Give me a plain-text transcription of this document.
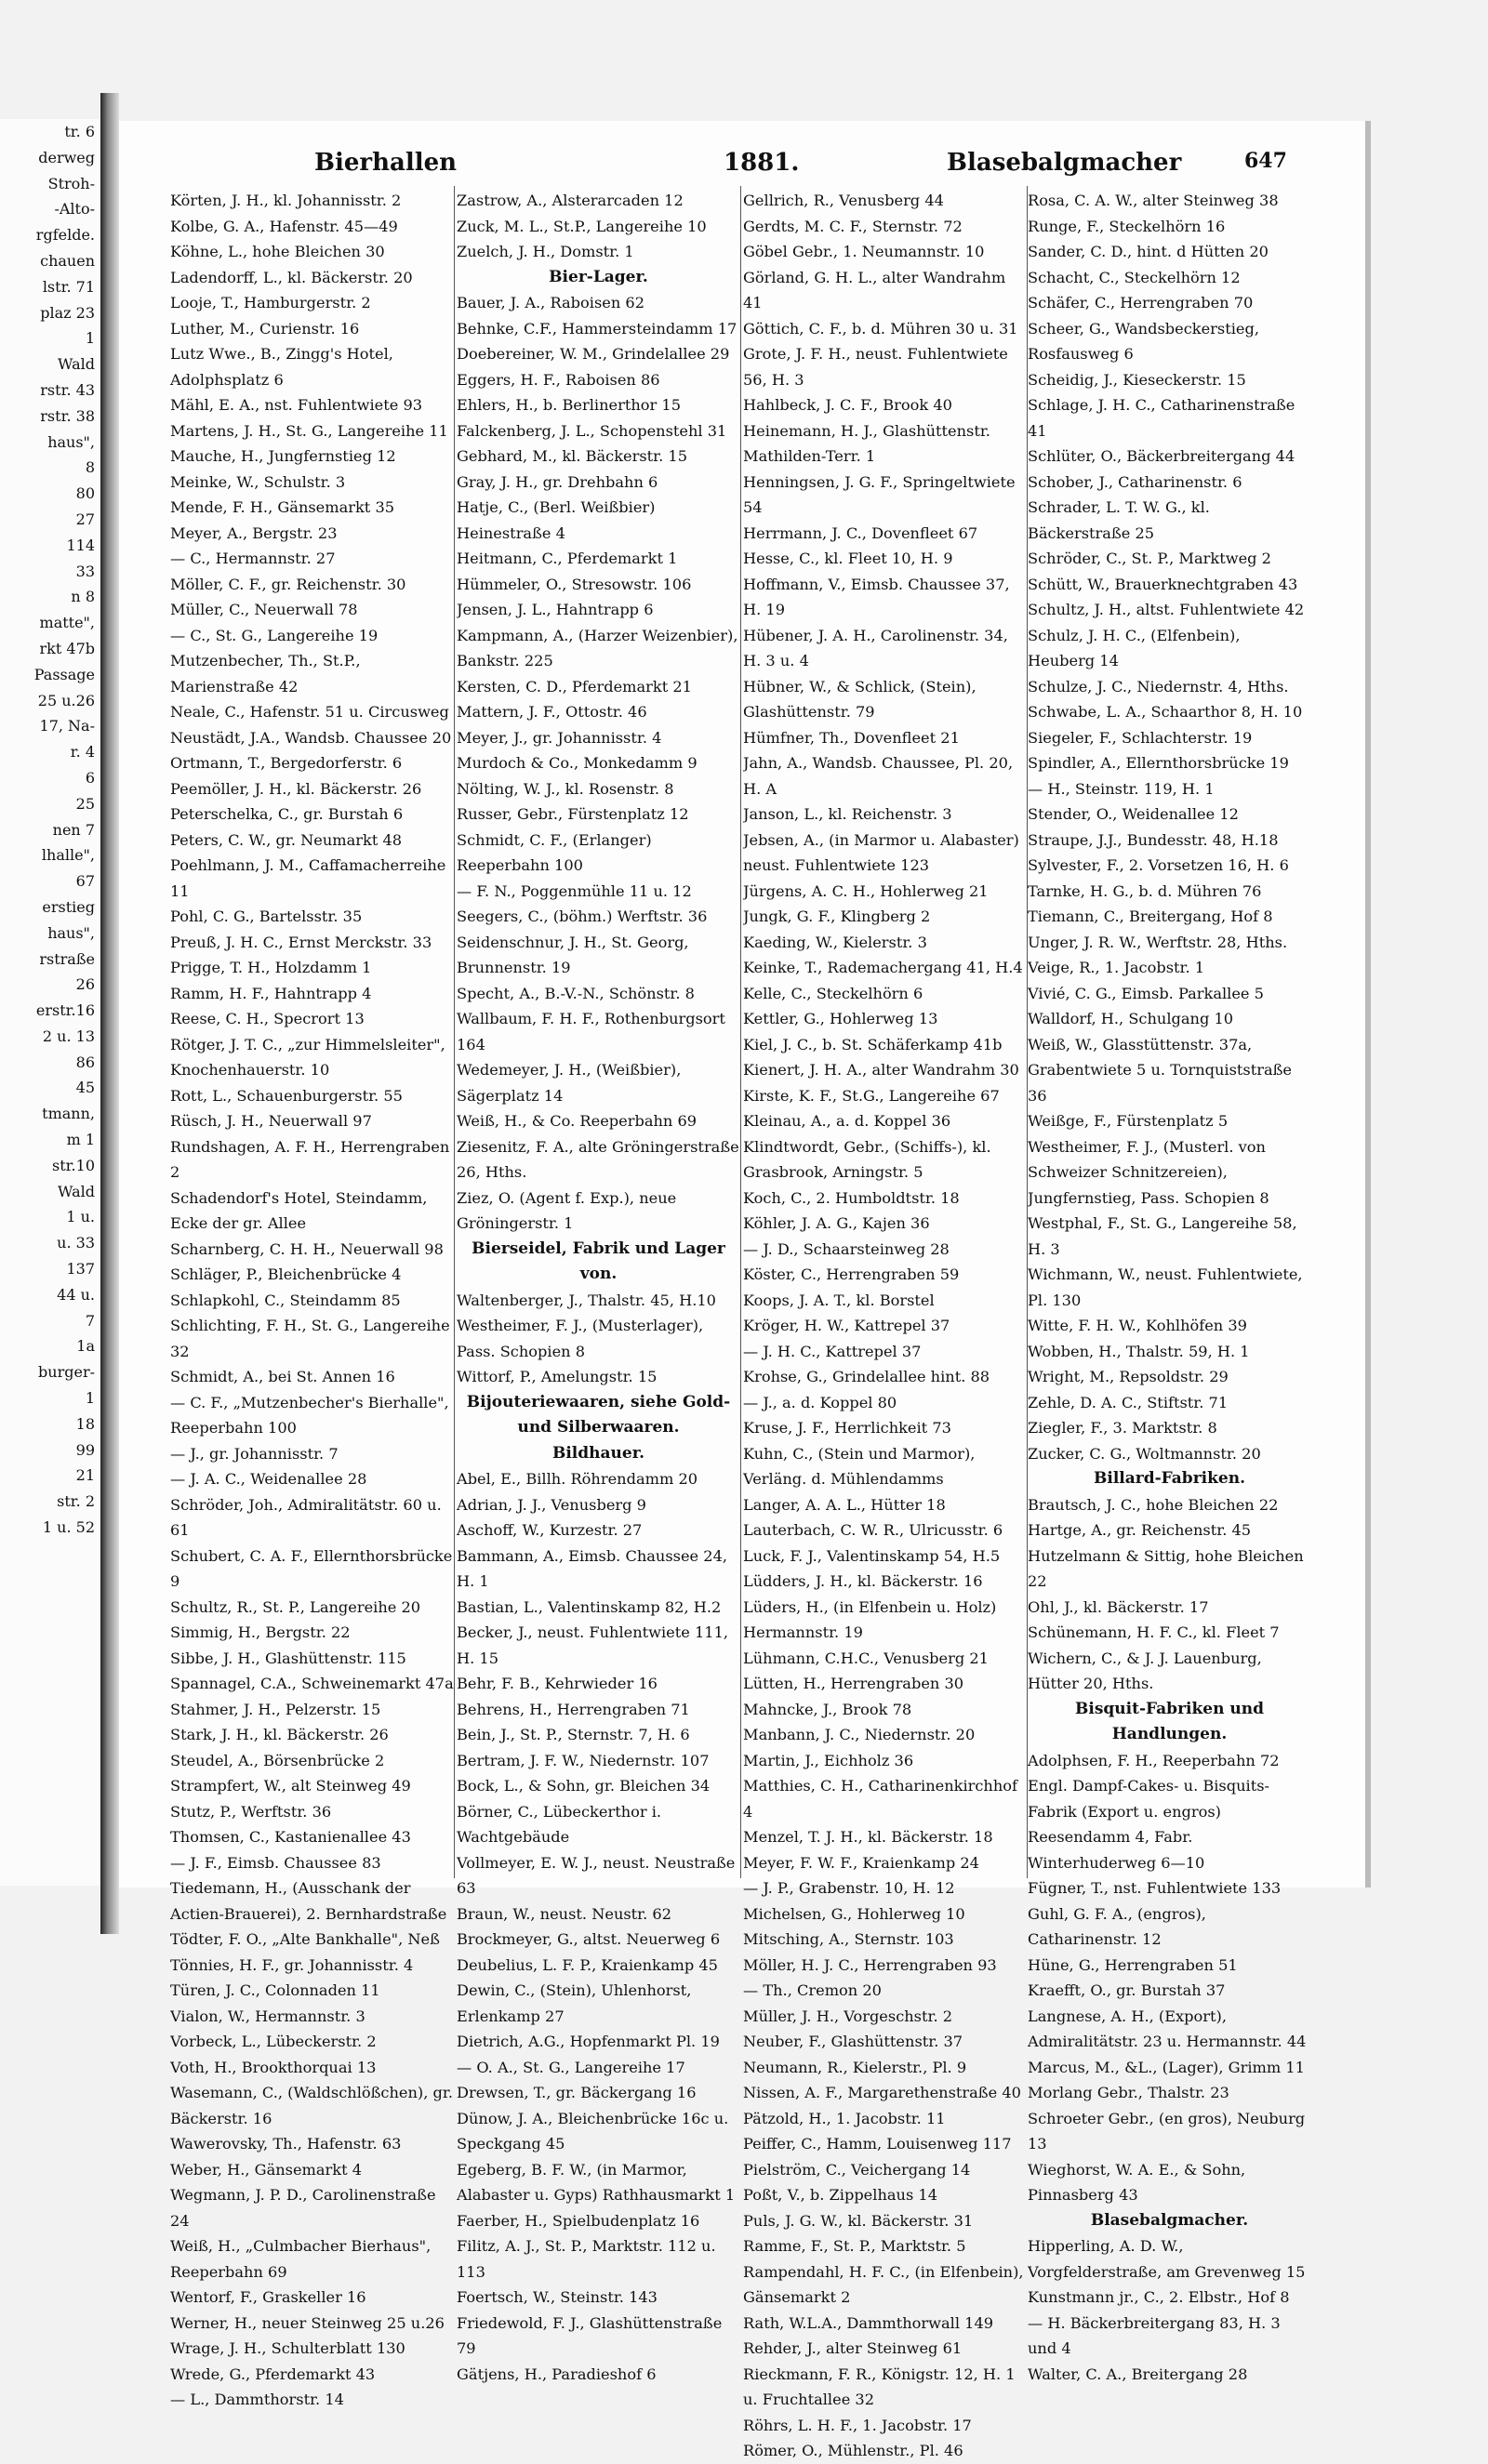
tr. 6
derweg
Stroh-
-Alto-
rgfelde.
chauen
lstr. 71
plaz 23
1
Wald
rstr. 43
rstr. 38
haus",
8
80
27
114
33
n 8
matte",
rkt 47b
Passage
25 u.26
17, Na-
r. 4
6
25
nen 7
lhalle",
67
erstieg
haus",
rstraße
26
erstr.16
2 u. 13
86
45
tmann,
m 1
str.10
Wald
1 u.
u. 33
137
44 u.
7
1a
burger-
1
18
99
21
str. 2
1 u. 52
Bierhallen	1881.	Blasebalgmacher	647
Körten, J. H., kl. Johannisstr. 2
Kolbe, G. A., Hafenstr. 45—49
Köhne, L., hohe Bleichen 30
Ladendorff, L., kl. Bäckerstr. 20
Looje, T., Hamburgerstr. 2
Luther, M., Curienstr. 16
Lutz Wwe., B., Zingg's Hotel, Adolphsplatz 6
Mähl, E. A., nst. Fuhlentwiete 93
Martens, J. H., St. G., Langereihe 11
Mauche, H., Jungfernstieg 12
Meinke, W., Schulstr. 3
Mende, F. H., Gänsemarkt 35
Meyer, A., Bergstr. 23
— C., Hermannstr. 27
Möller, C. F., gr. Reichenstr. 30
Müller, C., Neuerwall 78
— C., St. G., Langereihe 19
Mutzenbecher, Th., St.P., Marienstraße 42
Neale, C., Hafenstr. 51 u. Circusweg
Neustädt, J.A., Wandsb. Chaussee 20
Ortmann, T., Bergedorferstr. 6
Peemöller, J. H., kl. Bäckerstr. 26
Peterschelka, C., gr. Burstah 6
Peters, C. W., gr. Neumarkt 48
Poehlmann, J. M., Caffamacherreihe 11
Pohl, C. G., Bartelsstr. 35
Preuß, J. H. C., Ernst Merckstr. 33
Prigge, T. H., Holzdamm 1
Ramm, H. F., Hahntrapp 4
Reese, C. H., Specrort 13
Rötger, J. T. C., „zur Himmelsleiter", Knochenhauerstr. 10
Rott, L., Schauenburgerstr. 55
Rüsch, J. H., Neuerwall 97
Rundshagen, A. F. H., Herrengraben 2
Schadendorf's Hotel, Steindamm, Ecke der gr. Allee
Scharnberg, C. H. H., Neuerwall 98
Schläger, P., Bleichenbrücke 4
Schlapkohl, C., Steindamm 85
Schlichting, F. H., St. G., Langereihe 32
Schmidt, A., bei St. Annen 16
— C. F., „Mutzenbecher's Bierhalle", Reeperbahn 100
— J., gr. Johannisstr. 7
— J. A. C., Weidenallee 28
Schröder, Joh., Admiralitätstr. 60 u. 61
Schubert, C. A. F., Ellernthorsbrücke 9
Schultz, R., St. P., Langereihe 20
Simmig, H., Bergstr. 22
Sibbe, J. H., Glashüttenstr. 115
Spannagel, C.A., Schweinemarkt 47a
Stahmer, J. H., Pelzerstr. 15
Stark, J. H., kl. Bäckerstr. 26
Steudel, A., Börsenbrücke 2
Strampfert, W., alt Steinweg 49
Stutz, P., Werftstr. 36
Thomsen, C., Kastanienallee 43
— J. F., Eimsb. Chaussee 83
Tiedemann, H., (Ausschank der Actien-Brauerei), 2. Bernhardstraße
Tödter, F. O., „Alte Bankhalle", Neß
Tönnies, H. F., gr. Johannisstr. 4
Türen, J. C., Colonnaden 11
Vialon, W., Hermannstr. 3
Vorbeck, L., Lübeckerstr. 2
Voth, H., Brookthorquai 13
Wasemann, C., (Waldschlößchen), gr. Bäckerstr. 16
Wawerovsky, Th., Hafenstr. 63
Weber, H., Gänsemarkt 4
Wegmann, J. P. D., Carolinenstraße 24
Weiß, H., „Culmbacher Bierhaus", Reeperbahn 69
Wentorf, F., Graskeller 16
Werner, H., neuer Steinweg 25 u.26
Wrage, J. H., Schulterblatt 130
Wrede, G., Pferdemarkt 43
— L., Dammthorstr. 14
Zastrow, A., Alsterarcaden 12
Zuck, M. L., St.P., Langereihe 10
Zuelch, J. H., Domstr. 1
Bier-Lager.
Bauer, J. A., Raboisen 62
Behnke, C.F., Hammersteindamm 17
Doebereiner, W. M., Grindelallee 29
Eggers, H. F., Raboisen 86
Ehlers, H., b. Berlinerthor 15
Falckenberg, J. L., Schopenstehl 31
Gebhard, M., kl. Bäckerstr. 15
Gray, J. H., gr. Drehbahn 6
Hatje, C., (Berl. Weißbier) Heinestraße 4
Heitmann, C., Pferdemarkt 1
Hümmeler, O., Stresowstr. 106
Jensen, J. L., Hahntrapp 6
Kampmann, A., (Harzer Weizenbier), Bankstr. 225
Kersten, C. D., Pferdemarkt 21
Mattern, J. F., Ottostr. 46
Meyer, J., gr. Johannisstr. 4
Murdoch & Co., Monkedamm 9
Nölting, W. J., kl. Rosenstr. 8
Russer, Gebr., Fürstenplatz 12
Schmidt, C. F., (Erlanger) Reeperbahn 100
— F. N., Poggenmühle 11 u. 12
Seegers, C., (böhm.) Werftstr. 36
Seidenschnur, J. H., St. Georg, Brunnenstr. 19
Specht, A., B.-V.-N., Schönstr. 8
Wallbaum, F. H. F., Rothenburgsort 164
Wedemeyer, J. H., (Weißbier), Sägerplatz 14
Weiß, H., & Co. Reeperbahn 69
Ziesenitz, F. A., alte Gröningerstraße 26, Hths.
Ziez, O. (Agent f. Exp.), neue Gröningerstr. 1
Bierseidel, Fabrik und Lager von.
Waltenberger, J., Thalstr. 45, H.10
Westheimer, F. J., (Musterlager), Pass. Schopien 8
Wittorf, P., Amelungstr. 15
Bijouteriewaaren, siehe Gold- und Silberwaaren.
Bildhauer.
Abel, E., Billh. Röhrendamm 20
Adrian, J. J., Venusberg 9
Aschoff, W., Kurzestr. 27
Bammann, A., Eimsb. Chaussee 24, H. 1
Bastian, L., Valentinskamp 82, H.2
Becker, J., neust. Fuhlentwiete 111, H. 15
Behr, F. B., Kehrwieder 16
Behrens, H., Herrengraben 71
Bein, J., St. P., Sternstr. 7, H. 6
Bertram, J. F. W., Niedernstr. 107
Bock, L., & Sohn, gr. Bleichen 34
Börner, C., Lübeckerthor i. Wachtgebäude
Vollmeyer, E. W. J., neust. Neustraße 63
Braun, W., neust. Neustr. 62
Brockmeyer, G., altst. Neuerweg 6
Deubelius, L. F. P., Kraienkamp 45
Dewin, C., (Stein), Uhlenhorst, Erlenkamp 27
Dietrich, A.G., Hopfenmarkt Pl. 19
— O. A., St. G., Langereihe 17
Drewsen, T., gr. Bäckergang 16
Dünow, J. A., Bleichenbrücke 16c u. Speckgang 45
Egeberg, B. F. W., (in Marmor, Alabaster u. Gyps) Rathhausmarkt 1
Faerber, H., Spielbudenplatz 16
Filitz, A. J., St. P., Marktstr. 112 u. 113
Foertsch, W., Steinstr. 143
Friedewold, F. J., Glashüttenstraße 79
Gätjens, H., Paradieshof 6
Gellrich, R., Venusberg 44
Gerdts, M. C. F., Sternstr. 72
Göbel Gebr., 1. Neumannstr. 10
Görland, G. H. L., alter Wandrahm 41
Göttich, C. F., b. d. Mühren 30 u. 31
Grote, J. F. H., neust. Fuhlentwiete 56, H. 3
Hahlbeck, J. C. F., Brook 40
Heinemann, H. J., Glashüttenstr. Mathilden-Terr. 1
Henningsen, J. G. F., Springeltwiete 54
Herrmann, J. C., Dovenfleet 67
Hesse, C., kl. Fleet 10, H. 9
Hoffmann, V., Eimsb. Chaussee 37, H. 19
Hübener, J. A. H., Carolinenstr. 34, H. 3 u. 4
Hübner, W., & Schlick, (Stein), Glashüttenstr. 79
Hümfner, Th., Dovenfleet 21
Jahn, A., Wandsb. Chaussee, Pl. 20, H. A
Janson, L., kl. Reichenstr. 3
Jebsen, A., (in Marmor u. Alabaster) neust. Fuhlentwiete 123
Jürgens, A. C. H., Hohlerweg 21
Jungk, G. F., Klingberg 2
Kaeding, W., Kielerstr. 3
Keinke, T., Rademachergang 41, H.4
Kelle, C., Steckelhörn 6
Kettler, G., Hohlerweg 13
Kiel, J. C., b. St. Schäferkamp 41b
Kienert, J. H. A., alter Wandrahm 30
Kirste, K. F., St.G., Langereihe 67
Kleinau, A., a. d. Koppel 36
Klindtwordt, Gebr., (Schiffs-), kl. Grasbrook, Arningstr. 5
Koch, C., 2. Humboldtstr. 18
Köhler, J. A. G., Kajen 36
— J. D., Schaarsteinweg 28
Köster, C., Herrengraben 59
Koops, J. A. T., kl. Borstel
Kröger, H. W., Kattrepel 37
— J. H. C., Kattrepel 37
Krohse, G., Grindelallee hint. 88
— J., a. d. Koppel 80
Kruse, J. F., Herrlichkeit 73
Kuhn, C., (Stein und Marmor), Verläng. d. Mühlendamms
Langer, A. A. L., Hütter 18
Lauterbach, C. W. R., Ulricusstr. 6
Luck, F. J., Valentinskamp 54, H.5
Lüdders, J. H., kl. Bäckerstr. 16
Lüders, H., (in Elfenbein u. Holz) Hermannstr. 19
Lühmann, C.H.C., Venusberg 21
Lütten, H., Herrengraben 30
Mahncke, J., Brook 78
Manbann, J. C., Niedernstr. 20
Martin, J., Eichholz 36
Matthies, C. H., Catharinenkirchhof 4
Menzel, T. J. H., kl. Bäckerstr. 18
Meyer, F. W. F., Kraienkamp 24
— J. P., Grabenstr. 10, H. 12
Michelsen, G., Hohlerweg 10
Mitsching, A., Sternstr. 103
Möller, H. J. C., Herrengraben 93
— Th., Cremon 20
Müller, J. H., Vorgeschstr. 2
Neuber, F., Glashüttenstr. 37
Neumann, R., Kielerstr., Pl. 9
Nissen, A. F., Margarethenstraße 40
Pätzold, H., 1. Jacobstr. 11
Peiffer, C., Hamm, Louisenweg 117
Pielström, C., Veichergang 14
Poßt, V., b. Zippelhaus 14
Puls, J. G. W., kl. Bäckerstr. 31
Ramme, F., St. P., Marktstr. 5
Rampendahl, H. F. C., (in Elfenbein), Gänsemarkt 2
Rath, W.L.A., Dammthorwall 149
Rehder, J., alter Steinweg 61
Rieckmann, F. R., Königstr. 12, H. 1 u. Fruchtallee 32
Röhrs, L. H. F., 1. Jacobstr. 17
Römer, O., Mühlenstr., Pl. 46
Rosa, C. A. W., alter Steinweg 38
Runge, F., Steckelhörn 16
Sander, C. D., hint. d Hütten 20
Schacht, C., Steckelhörn 12
Schäfer, C., Herrengraben 70
Scheer, G., Wandsbeckerstieg, Rosfausweg 6
Scheidig, J., Kieseckerstr. 15
Schlage, J. H. C., Catharinenstraße 41
Schlüter, O., Bäckerbreitergang 44
Schober, J., Catharinenstr. 6
Schrader, L. T. W. G., kl. Bäckerstraße 25
Schröder, C., St. P., Marktweg 2
Schütt, W., Brauerknechtgraben 43
Schultz, J. H., altst. Fuhlentwiete 42
Schulz, J. H. C., (Elfenbein), Heuberg 14
Schulze, J. C., Niedernstr. 4, Hths.
Schwabe, L. A., Schaarthor 8, H. 10
Siegeler, F., Schlachterstr. 19
Spindler, A., Ellernthorsbrücke 19
— H., Steinstr. 119, H. 1
Stender, O., Weidenallee 12
Straupe, J.J., Bundesstr. 48, H.18
Sylvester, F., 2. Vorsetzen 16, H. 6
Tarnke, H. G., b. d. Mühren 76
Tiemann, C., Breitergang, Hof 8
Unger, J. R. W., Werftstr. 28, Hths.
Veige, R., 1. Jacobstr. 1
Vivié, C. G., Eimsb. Parkallee 5
Walldorf, H., Schulgang 10
Weiß, W., Glasstüttenstr. 37a, Grabentwiete 5 u. Tornquiststraße 36
Weißge, F., Fürstenplatz 5
Westheimer, F. J., (Musterl. von Schweizer Schnitzereien), Jungfernstieg, Pass. Schopien 8
Westphal, F., St. G., Langereihe 58, H. 3
Wichmann, W., neust. Fuhlentwiete, Pl. 130
Witte, F. H. W., Kohlhöfen 39
Wobben, H., Thalstr. 59, H. 1
Wright, M., Repsoldstr. 29
Zehle, D. A. C., Stiftstr. 71
Ziegler, F., 3. Marktstr. 8
Zucker, C. G., Woltmannstr. 20
Billard-Fabriken.
Brautsch, J. C., hohe Bleichen 22
Hartge, A., gr. Reichenstr. 45
Hutzelmann & Sittig, hohe Bleichen 22
Ohl, J., kl. Bäckerstr. 17
Schünemann, H. F. C., kl. Fleet 7
Wichern, C., & J. J. Lauenburg, Hütter 20, Hths.
Bisquit-Fabriken und Handlungen.
Adolphsen, F. H., Reeperbahn 72
Engl. Dampf-Cakes- u. Bisquits-Fabrik (Export u. engros) Reesendamm 4, Fabr. Winterhuderweg 6—10
Fügner, T., nst. Fuhlentwiete 133
Guhl, G. F. A., (engros), Catharinenstr. 12
Hüne, G., Herrengraben 51
Kraefft, O., gr. Burstah 37
Langnese, A. H., (Export), Admiralitätstr. 23 u. Hermannstr. 44
Marcus, M., &L., (Lager), Grimm 11
Morlang Gebr., Thalstr. 23
Schroeter Gebr., (en gros), Neuburg 13
Wieghorst, W. A. E., & Sohn, Pinnasberg 43
Blasebalgmacher.
Hipperling, A. D. W., Vorgfelderstraße, am Grevenweg 15
Kunstmann jr., C., 2. Elbstr., Hof 8
— H. Bäckerbreitergang 83, H. 3 und 4
Walter, C. A., Breitergang 28
